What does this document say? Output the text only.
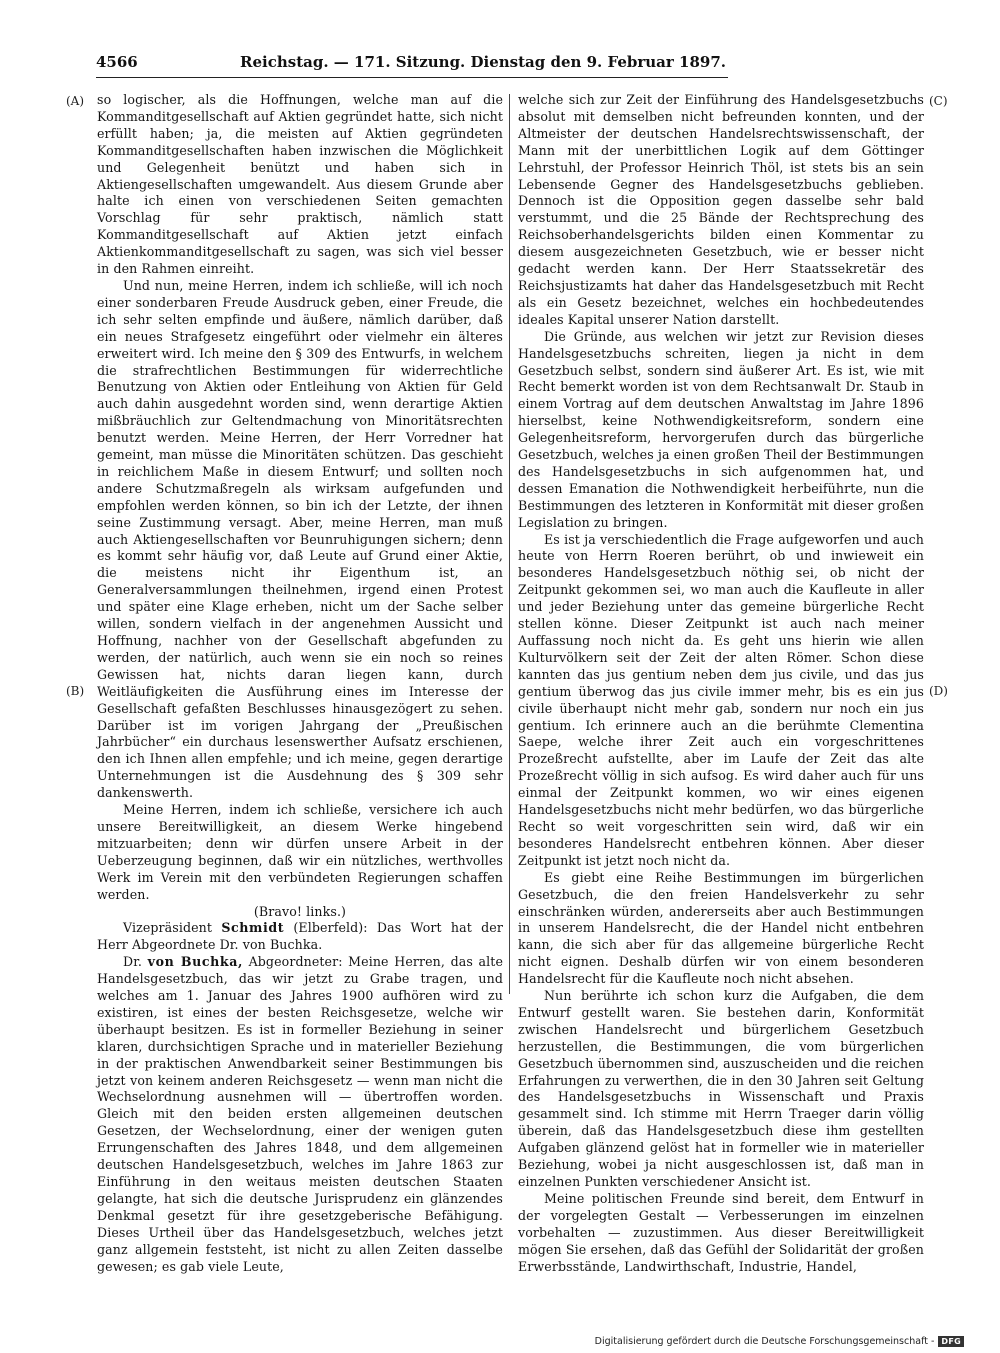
4566	Reichstag. — 171. Sitzung. Dienstag den 9. Februar 1897.
(A)
(B)
(C)
(D)

so logischer, als die Hoffnungen, welche man auf die Kommanditgesellschaft auf Aktien gegründet hatte, sich nicht erfüllt haben; ja, die meisten auf Aktien gegründeten Kommanditgesellschaften haben inzwischen die Möglichkeit und Gelegenheit benützt und haben sich in Aktiengesellschaften umgewandelt. Aus diesem Grunde aber halte ich einen von verschiedenen Seiten gemachten Vorschlag für sehr praktisch, nämlich statt Kommanditgesellschaft auf Aktien jetzt einfach Aktienkommanditgesellschaft zu sagen, was sich viel besser in den Rahmen einreiht.

Und nun, meine Herren, indem ich schließe, will ich noch einer sonderbaren Freude Ausdruck geben, einer Freude, die ich sehr selten empfinde und äußere, nämlich darüber, daß ein neues Strafgesetz eingeführt oder vielmehr ein älteres erweitert wird. Ich meine den § 309 des Entwurfs, in welchem die strafrechtlichen Bestimmungen für widerrechtliche Benutzung von Aktien oder Entleihung von Aktien für Geld auch dahin ausgedehnt worden sind, wenn derartige Aktien mißbräuchlich zur Geltendmachung von Minoritätsrechten benutzt werden. Meine Herren, der Herr Vorredner hat gemeint, man müsse die Minoritäten schützen. Das geschieht in reichlichem Maße in diesem Entwurf; und sollten noch andere Schutzmaßregeln als wirksam aufgefunden und empfohlen werden können, so bin ich der Letzte, der ihnen seine Zustimmung versagt. Aber, meine Herren, man muß auch Aktiengesellschaften vor Beunruhigungen sichern; denn es kommt sehr häufig vor, daß Leute auf Grund einer Aktie, die meistens nicht ihr Eigenthum ist, an Generalversammlungen theilnehmen, irgend einen Protest und später eine Klage erheben, nicht um der Sache selber willen, sondern vielfach in der angenehmen Aussicht und Hoffnung, nachher von der Gesellschaft abgefunden zu werden, der natürlich, auch wenn sie ein noch so reines Gewissen hat, nichts daran liegen kann, durch Weitläufigkeiten die Ausführung eines im Interesse der Gesellschaft gefaßten Beschlusses hinausgezögert zu sehen. Darüber ist im vorigen Jahrgang der „Preußischen Jahrbücher“ ein durchaus lesenswerther Aufsatz erschienen, den ich Ihnen allen empfehle; und ich meine, gegen derartige Unternehmungen ist die Ausdehnung des § 309 sehr dankenswerth.

Meine Herren, indem ich schließe, versichere ich auch unsere Bereitwilligkeit, an diesem Werke hingebend mitzuarbeiten; denn wir dürfen unsere Arbeit in der Ueberzeugung beginnen, daß wir ein nützliches, werthvolles Werk im Verein mit den verbündeten Regierungen schaffen werden.

(Bravo! links.)

Vizepräsident Schmidt (Elberfeld): Das Wort hat der Herr Abgeordnete Dr. von Buchka.

Dr. von Buchka, Abgeordneter: Meine Herren, das alte Handelsgesetzbuch, das wir jetzt zu Grabe tragen, und welches am 1. Januar des Jahres 1900 aufhören wird zu existiren, ist eines der besten Reichsgesetze, welche wir überhaupt besitzen. Es ist in formeller Beziehung in seiner klaren, durchsichtigen Sprache und in materieller Beziehung in der praktischen Anwendbarkeit seiner Bestimmungen bis jetzt von keinem anderen Reichsgesetz — wenn man nicht die Wechselordnung ausnehmen will — übertroffen worden. Gleich mit den beiden ersten allgemeinen deutschen Gesetzen, der Wechselordnung, einer der wenigen guten Errungenschaften des Jahres 1848, und dem allgemeinen deutschen Handelsgesetzbuch, welches im Jahre 1863 zur Einführung in den weitaus meisten deutschen Staaten gelangte, hat sich die deutsche Jurisprudenz ein glänzendes Denkmal gesetzt für ihre gesetzgeberische Befähigung. Dieses Urtheil über das Handelsgesetzbuch, welches jetzt ganz allgemein feststeht, ist nicht zu allen Zeiten dasselbe gewesen; es gab viele Leute,

welche sich zur Zeit der Einführung des Handelsgesetzbuchs absolut mit demselben nicht befreunden konnten, und der Altmeister der deutschen Handelsrechtswissenschaft, der Mann mit der unerbittlichen Logik auf dem Göttinger Lehrstuhl, der Professor Heinrich Thöl, ist stets bis an sein Lebensende Gegner des Handelsgesetzbuchs geblieben. Dennoch ist die Opposition gegen dasselbe sehr bald verstummt, und die 25 Bände der Rechtsprechung des Reichsoberhandelsgerichts bilden einen Kommentar zu diesem ausgezeichneten Gesetzbuch, wie er besser nicht gedacht werden kann. Der Herr Staatssekretär des Reichsjustizamts hat daher das Handelsgesetzbuch mit Recht als ein Gesetz bezeichnet, welches ein hochbedeutendes ideales Kapital unserer Nation darstellt.

Die Gründe, aus welchen wir jetzt zur Revision dieses Handelsgesetzbuchs schreiten, liegen ja nicht in dem Gesetzbuch selbst, sondern sind äußerer Art. Es ist, wie mit Recht bemerkt worden ist von dem Rechtsanwalt Dr. Staub in einem Vortrag auf dem deutschen Anwaltstag im Jahre 1896 hierselbst, keine Nothwendigkeitsreform, sondern eine Gelegenheitsreform, hervorgerufen durch das bürgerliche Gesetzbuch, welches ja einen großen Theil der Bestimmungen des Handelsgesetzbuchs in sich aufgenommen hat, und dessen Emanation die Nothwendigkeit herbeiführte, nun die Bestimmungen des letzteren in Konformität mit dieser großen Legislation zu bringen.

Es ist ja verschiedentlich die Frage aufgeworfen und auch heute von Herrn Roeren berührt, ob und inwieweit ein besonderes Handelsgesetzbuch nöthig sei, ob nicht der Zeitpunkt gekommen sei, wo man auch die Kaufleute in aller und jeder Beziehung unter das gemeine bürgerliche Recht stellen könne. Dieser Zeitpunkt ist auch nach meiner Auffassung noch nicht da. Es geht uns hierin wie allen Kulturvölkern seit der Zeit der alten Römer. Schon diese kannten das jus gentium neben dem jus civile, und das jus gentium überwog das jus civile immer mehr, bis es ein jus civile überhaupt nicht mehr gab, sondern nur noch ein jus gentium. Ich erinnere auch an die berühmte Clementina Saepe, welche ihrer Zeit auch ein vorgeschrittenes Prozeßrecht aufstellte, aber im Laufe der Zeit das alte Prozeßrecht völlig in sich aufsog. Es wird daher auch für uns einmal der Zeitpunkt kommen, wo wir eines eigenen Handelsgesetzbuchs nicht mehr bedürfen, wo das bürgerliche Recht so weit vorgeschritten sein wird, daß wir ein besonderes Handelsrecht entbehren können. Aber dieser Zeitpunkt ist jetzt noch nicht da.

Es giebt eine Reihe Bestimmungen im bürgerlichen Gesetzbuch, die den freien Handelsverkehr zu sehr einschränken würden, andererseits aber auch Bestimmungen in unserem Handelsrecht, die der Handel nicht entbehren kann, die sich aber für das allgemeine bürgerliche Recht nicht eignen. Deshalb dürfen wir von einem besonderen Handelsrecht für die Kaufleute noch nicht absehen.

Nun berührte ich schon kurz die Aufgaben, die dem Entwurf gestellt waren. Sie bestehen darin, Konformität zwischen Handelsrecht und bürgerlichem Gesetzbuch herzustellen, die Bestimmungen, die vom bürgerlichen Gesetzbuch übernommen sind, auszuscheiden und die reichen Erfahrungen zu verwerthen, die in den 30 Jahren seit Geltung des Handelsgesetzbuchs in Wissenschaft und Praxis gesammelt sind. Ich stimme mit Herrn Traeger darin völlig überein, daß das Handelsgesetzbuch diese ihm gestellten Aufgaben glänzend gelöst hat in formeller wie in materieller Beziehung, wobei ja nicht ausgeschlossen ist, daß man in einzelnen Punkten verschiedener Ansicht ist.

Meine politischen Freunde sind bereit, dem Entwurf in der vorgelegten Gestalt — Verbesserungen im einzelnen vorbehalten — zuzustimmen. Aus dieser Bereitwilligkeit mögen Sie ersehen, daß das Gefühl der Solidarität der großen Erwerbsstände, Landwirthschaft, Industrie, Handel,

Digitalisierung gefördert durch die Deutsche Forschungsgemeinschaft - DFG
